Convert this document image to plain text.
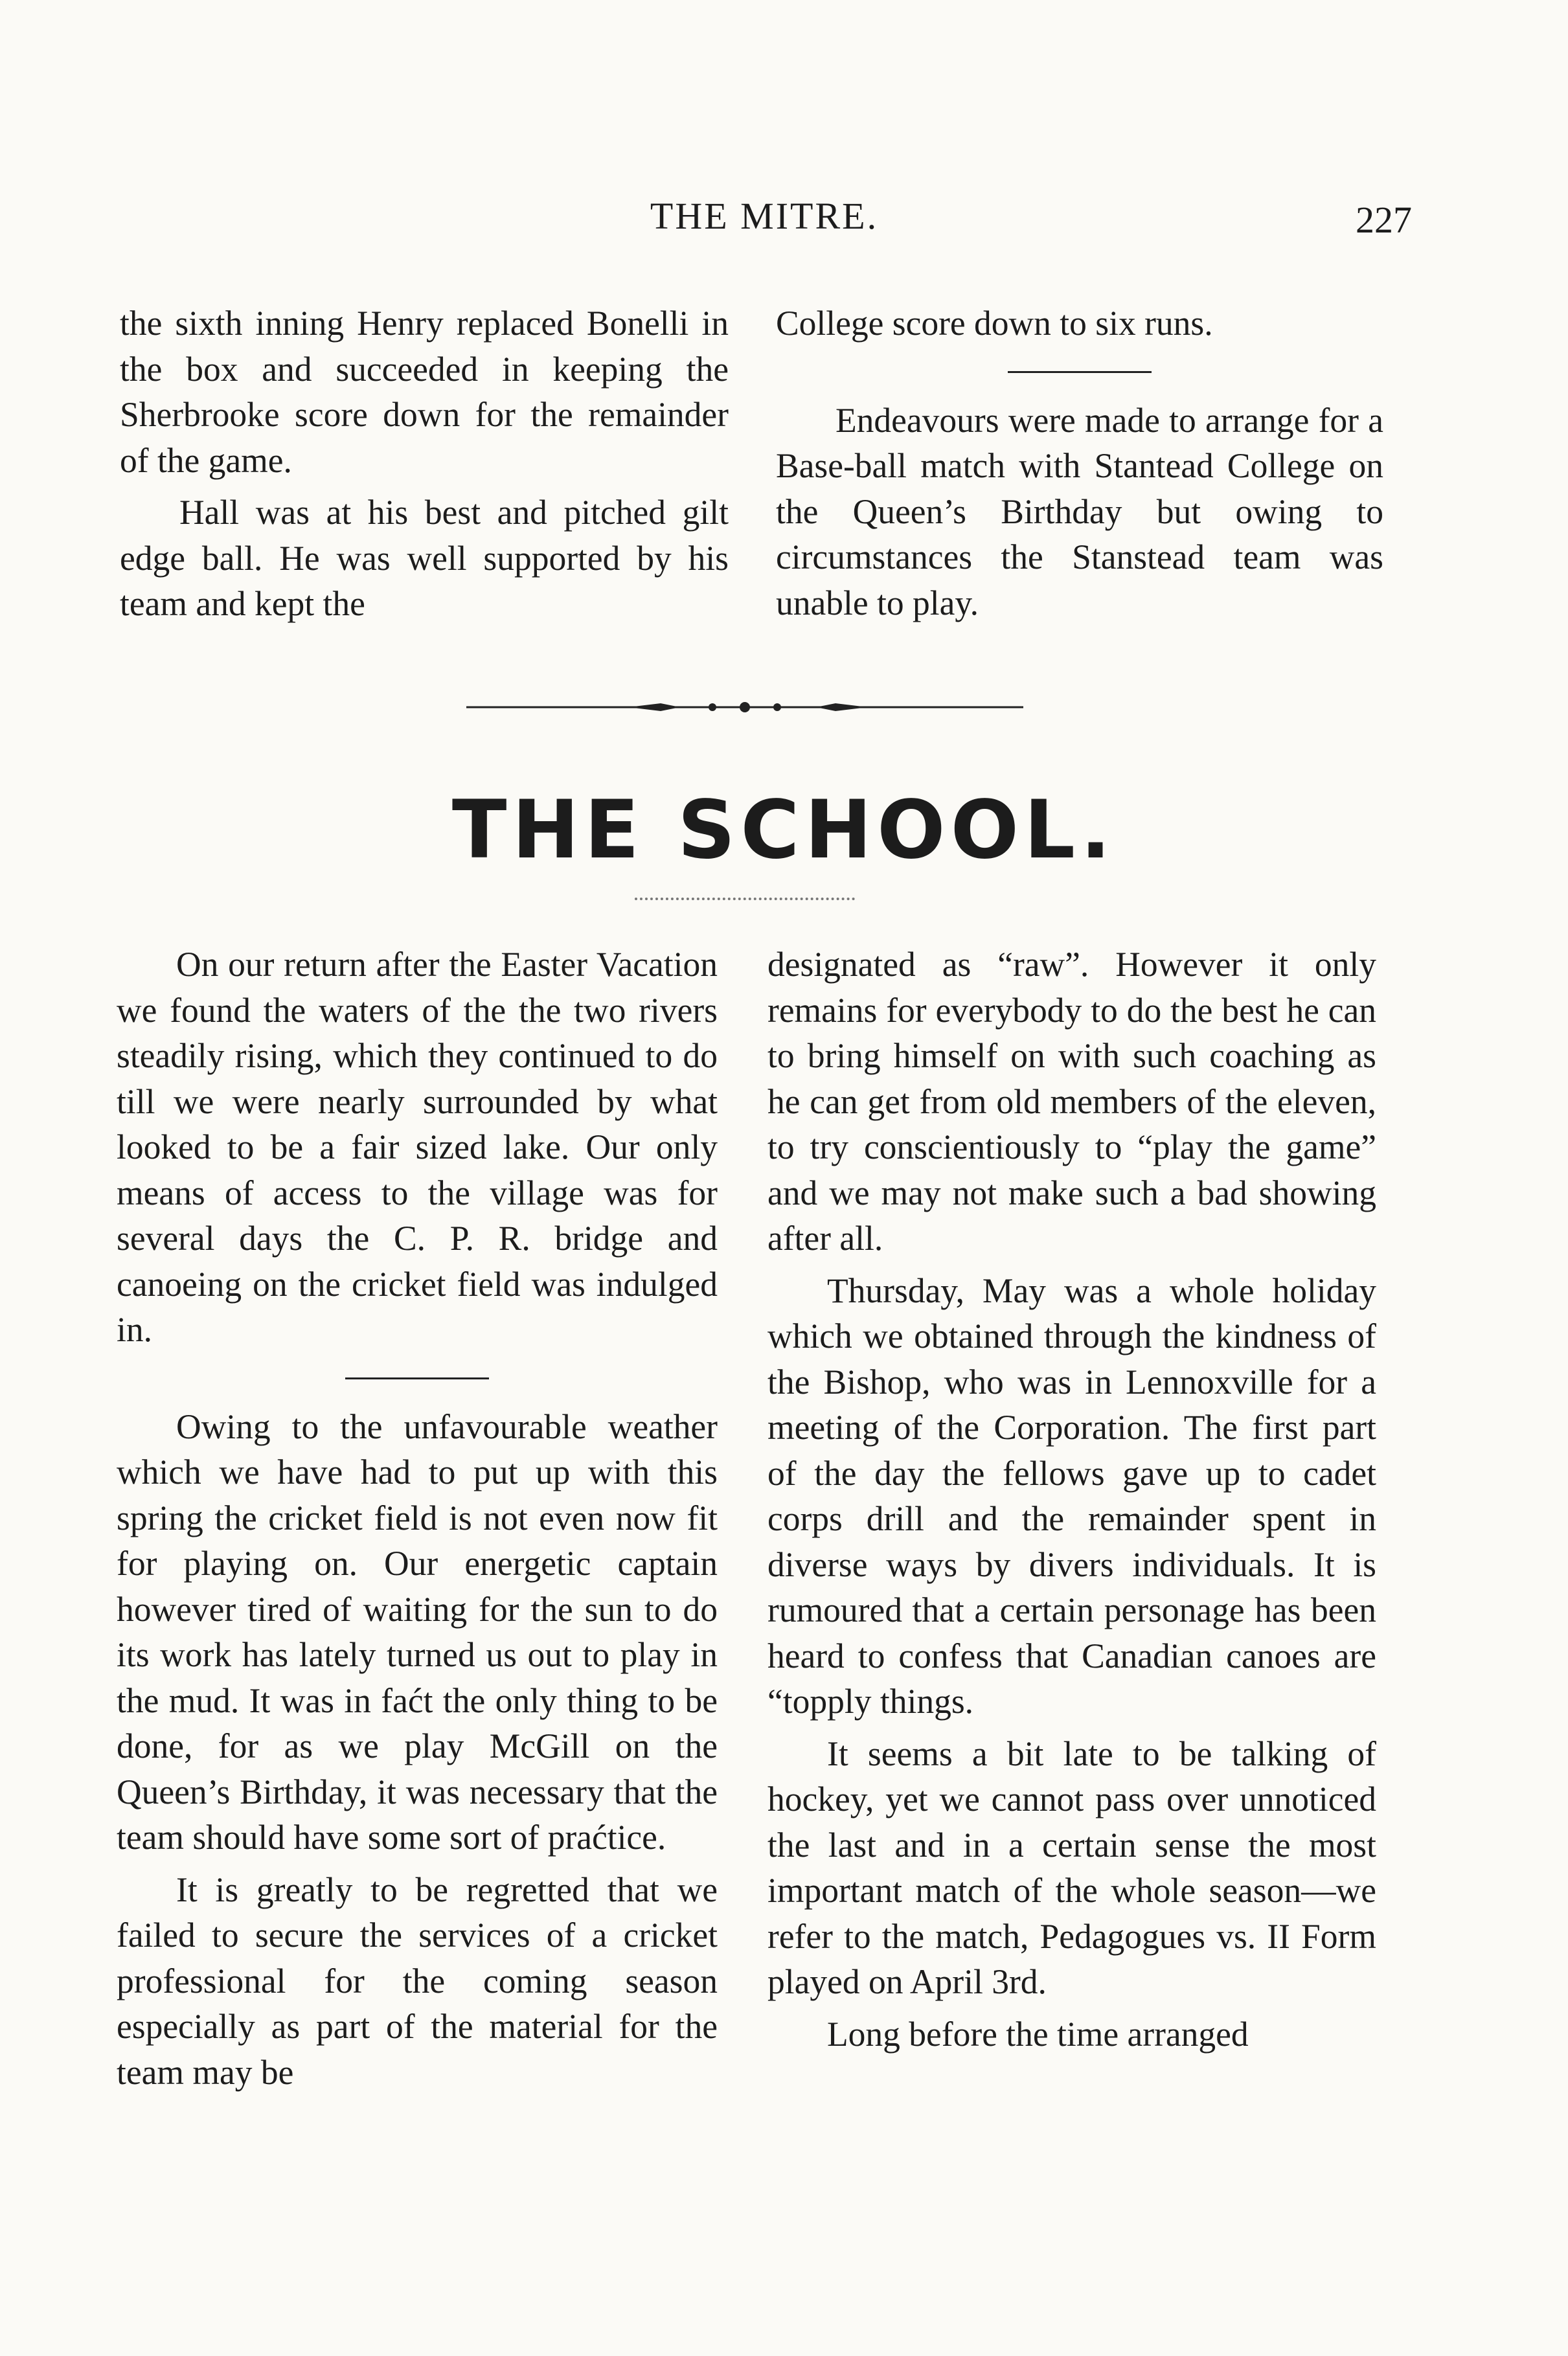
THE MITRE.	227

the sixth inning Henry replaced Bonelli in the box and succeeded in keeping the Sherbrooke score down for the remainder of the game.

Hall was at his best and pitched gilt edge ball. He was well supported by his team and kept the

College score down to six runs.

Endeavours were made to arrange for a Base-ball match with Stantead College on the Queen’s Birthday but owing to circumstances the Stanstead team was unable to play.

THE SCHOOL.

On our return after the Easter Vacation we found the waters of the the two rivers steadily rising, which they continued to do till we were nearly surrounded by what looked to be a fair sized lake. Our only means of access to the village was for several days the C. P. R. bridge and canoeing on the cricket field was indulged in.

Owing to the unfavourable weather which we have had to put up with this spring the cricket field is not even now fit for playing on. Our energetic captain however tired of waiting for the sun to do its work has lately turned us out to play in the mud. It was in faćt the only thing to be done, for as we play McGill on the Queen’s Birthday, it was necessary that the team should have some sort of praćtice.

It is greatly to be regretted that we failed to secure the services of a cricket professional for the coming season especially as part of the material for the team may be

designated as “raw”. However it only remains for everybody to do the best he can to bring himself on with such coaching as he can get from old members of the eleven, to try conscientiously to “play the game” and we may not make such a bad showing after all.

Thursday, May was a whole holiday which we obtained through the kindness of the Bishop, who was in Lennoxville for a meeting of the Corporation. The first part of the day the fellows gave up to cadet corps drill and the remainder spent in diverse ways by divers individuals. It is rumoured that a certain personage has been heard to confess that Canadian canoes are “topply things.

It seems a bit late to be talking of hockey, yet we cannot pass over unnoticed the last and in a certain sense the most important match of the whole season—we refer to the match, Pedagogues vs. II Form played on April 3rd.

Long before the time arranged
